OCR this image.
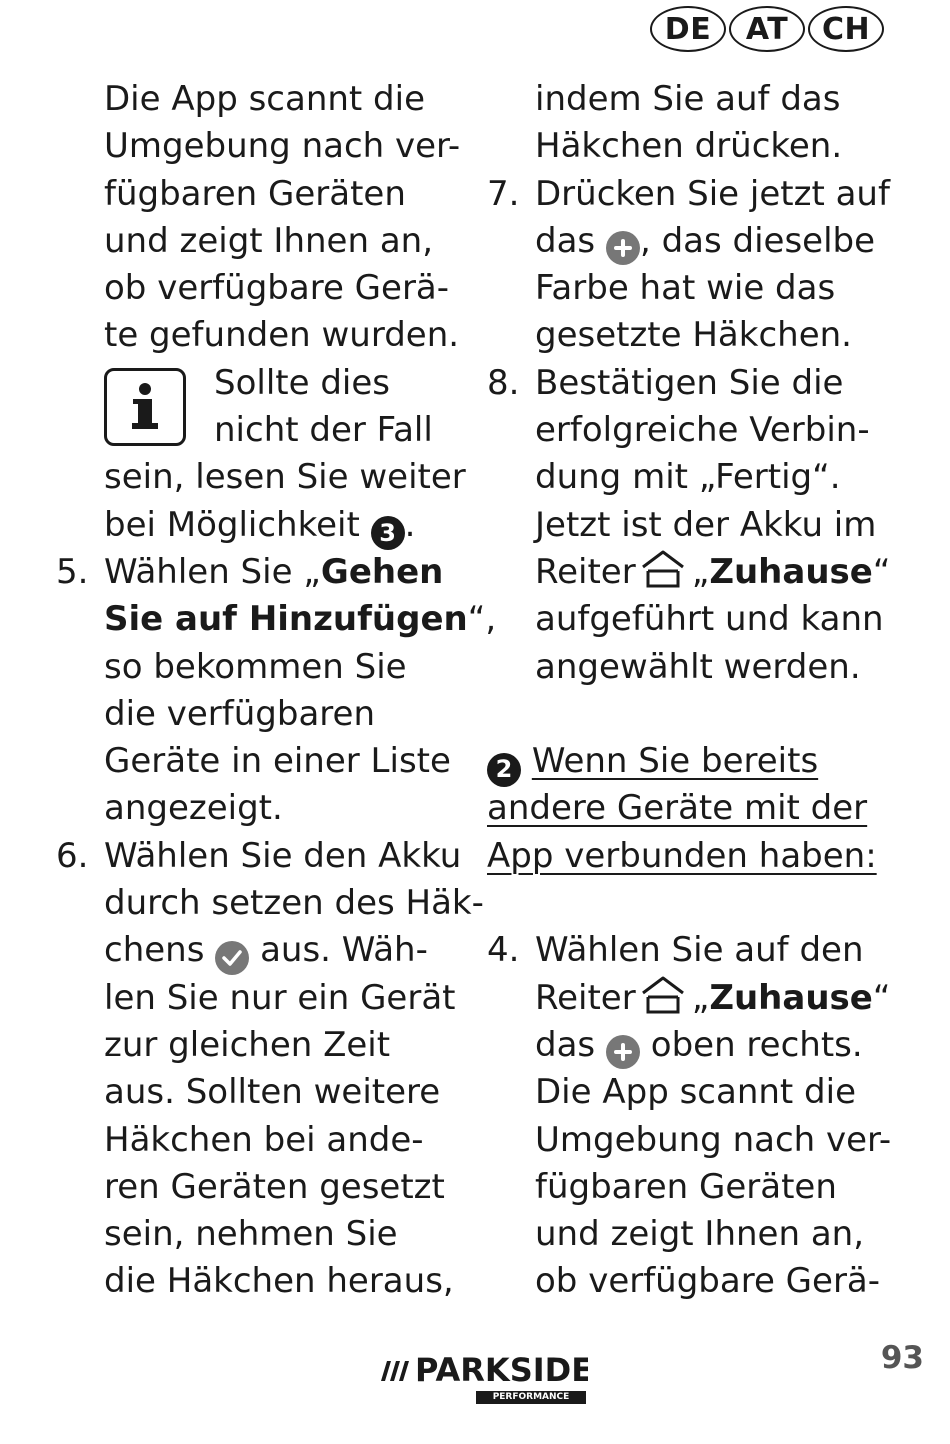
DE	AT	CH
Die App scannt die
Umgebung nach ver-
fügbaren Geräten
und zeigt Ihnen an,
ob verfügbare Gerä-
te gefunden wurden.
Sollte dies
nicht der Fall
sein, lesen Sie weiter
bei Möglichkeit 3 .
5. Wählen Sie „Gehen
Sie auf Hinzufügen“,
so bekommen Sie
die verfügbaren
Geräte in einer Liste
angezeigt.
6. Wählen Sie den Akku
durch setzen des Häk-
chens aus. Wäh-
len Sie nur ein Gerät
zur gleichen Zeit
aus. Sollten weitere
Häkchen bei ande-
ren Geräten gesetzt
sein, nehmen Sie
die Häkchen heraus,
indem Sie auf das
Häkchen drücken.
7. Drücken Sie jetzt auf
das , das dieselbe
Farbe hat wie das
gesetzte Häkchen.
8. Bestätigen Sie die
erfolgreiche Verbin-
dung mit „Fertig“.
Jetzt ist der Akku im
Reiter „Zuhause“
aufgeführt und kann
angewählt werden.
2 Wenn Sie bereits
andere Geräte mit der
App verbunden haben:
4. Wählen Sie auf den
Reiter „Zuhause“
das oben rechts.
Die App scannt die
Umgebung nach ver-
fügbaren Geräten
und zeigt Ihnen an,
ob verfügbare Gerä-
PARKSIDE
PERFORMANCE
93
